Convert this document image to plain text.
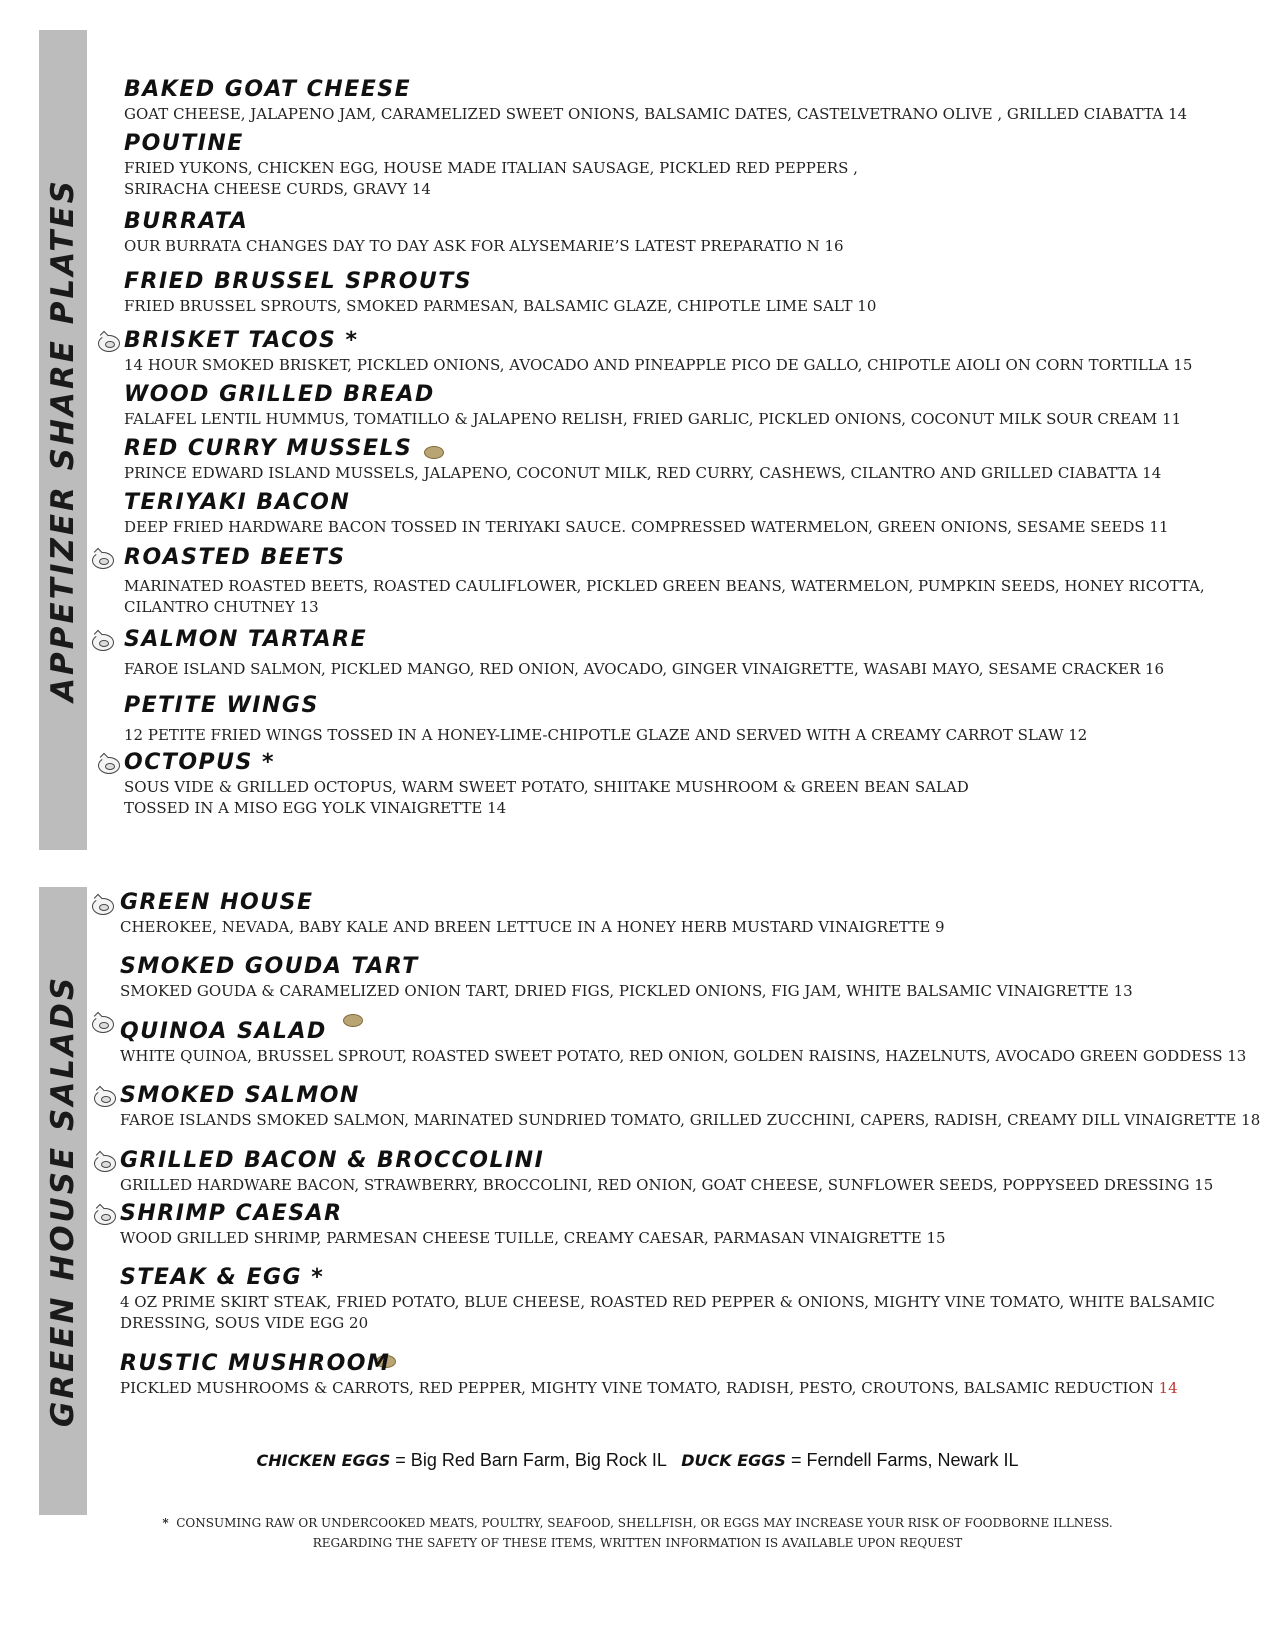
APPETIZER SHARE PLATES
GREEN HOUSE SALADS
BAKED GOAT CHEESE
GOAT CHEESE, JALAPENO JAM, CARAMELIZED SWEET ONIONS, BALSAMIC DATES, CASTELVETRANO OLIVE , GRILLED CIABATTA 14
POUTINE
FRIED YUKONS, CHICKEN EGG, HOUSE MADE ITALIAN SAUSAGE, PICKLED RED PEPPERS ,
SRIRACHA CHEESE CURDS, GRAVY 14
BURRATA
OUR BURRATA CHANGES DAY TO DAY ASK FOR ALYSEMARIE’S LATEST PREPARATIO N 16
FRIED BRUSSEL SPROUTS
FRIED BRUSSEL SPROUTS, SMOKED PARMESAN, BALSAMIC GLAZE, CHIPOTLE LIME SALT 10
BRISKET TACOS *
14 HOUR SMOKED BRISKET, PICKLED ONIONS, AVOCADO AND PINEAPPLE PICO DE GALLO, CHIPOTLE AIOLI ON CORN TORTILLA 15
WOOD GRILLED BREAD
FALAFEL LENTIL HUMMUS, TOMATILLO & JALAPENO RELISH, FRIED GARLIC, PICKLED ONIONS, COCONUT MILK SOUR CREAM 11
RED CURRY MUSSELS
PRINCE EDWARD ISLAND MUSSELS, JALAPENO, COCONUT MILK, RED CURRY, CASHEWS, CILANTRO AND GRILLED CIABATTA 14
TERIYAKI BACON
DEEP FRIED HARDWARE BACON TOSSED IN TERIYAKI SAUCE. COMPRESSED WATERMELON, GREEN ONIONS, SESAME SEEDS 11
ROASTED BEETS
MARINATED ROASTED BEETS, ROASTED CAULIFLOWER, PICKLED GREEN BEANS, WATERMELON, PUMPKIN SEEDS, HONEY RICOTTA,
CILANTRO CHUTNEY 13
SALMON TARTARE
FAROE ISLAND SALMON, PICKLED MANGO, RED ONION, AVOCADO, GINGER VINAIGRETTE, WASABI MAYO, SESAME CRACKER 16
PETITE WINGS
12 PETITE FRIED WINGS TOSSED IN A HONEY-LIME-CHIPOTLE GLAZE AND SERVED WITH A CREAMY CARROT SLAW 12
OCTOPUS *
SOUS VIDE & GRILLED OCTOPUS, WARM SWEET POTATO, SHIITAKE MUSHROOM & GREEN BEAN SALAD
TOSSED IN A MISO EGG YOLK VINAIGRETTE 14
GREEN HOUSE
CHEROKEE, NEVADA, BABY KALE AND BREEN LETTUCE IN A HONEY HERB MUSTARD VINAIGRETTE 9
SMOKED GOUDA TART
SMOKED GOUDA & CARAMELIZED ONION TART, DRIED FIGS, PICKLED ONIONS, FIG JAM, WHITE BALSAMIC VINAIGRETTE 13
QUINOA SALAD
WHITE QUINOA, BRUSSEL SPROUT, ROASTED SWEET POTATO, RED ONION, GOLDEN RAISINS, HAZELNUTS, AVOCADO GREEN GODDESS 13
SMOKED SALMON
FAROE ISLANDS SMOKED SALMON, MARINATED SUNDRIED TOMATO, GRILLED ZUCCHINI, CAPERS, RADISH, CREAMY DILL VINAIGRETTE 18
GRILLED BACON & BROCCOLINI
GRILLED HARDWARE BACON, STRAWBERRY, BROCCOLINI, RED ONION, GOAT CHEESE, SUNFLOWER SEEDS, POPPYSEED DRESSING 15
SHRIMP CAESAR
WOOD GRILLED SHRIMP, PARMESAN CHEESE TUILLE, CREAMY CAESAR, PARMASAN VINAIGRETTE 15
STEAK & EGG *
4 OZ PRIME SKIRT STEAK, FRIED POTATO, BLUE CHEESE, ROASTED RED PEPPER & ONIONS, MIGHTY VINE TOMATO, WHITE BALSAMIC
DRESSING, SOUS VIDE EGG 20
RUSTIC MUSHROOM
PICKLED MUSHROOMS & CARROTS, RED PEPPER, MIGHTY VINE TOMATO, RADISH, PESTO, CROUTONS, BALSAMIC REDUCTION 14
CHICKEN EGGS = Big Red Barn Farm, Big Rock IL   DUCK EGGS = Ferndell Farms, Newark IL
*  CONSUMING RAW OR UNDERCOOKED MEATS, POULTRY, SEAFOOD, SHELLFISH, OR EGGS MAY INCREASE YOUR RISK OF FOODBORNE ILLNESS.
REGARDING THE SAFETY OF THESE ITEMS, WRITTEN INFORMATION IS AVAILABLE UPON REQUEST
